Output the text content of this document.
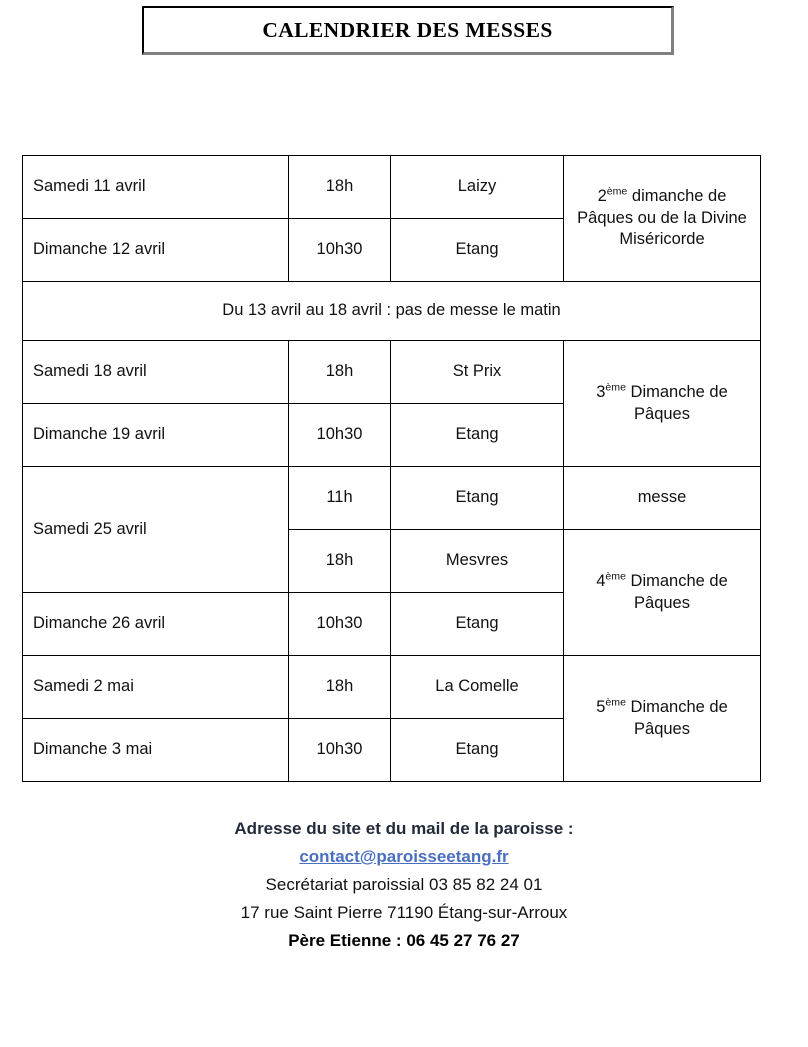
CALENDRIER DES MESSES
Samedi 11 avril	18h	Laizy	2ème dimanche de Pâques ou de la Divine Miséricorde
Dimanche 12 avril	10h30	Etang	
Du 13 avril au 18 avril : pas de messe le matin			
Samedi 18 avril	18h	St Prix	3ème Dimanche de Pâques
Dimanche 19 avril	10h30	Etang	
Samedi 25 avril	11h	Etang	messe
	18h	Mesvres	4ème Dimanche de Pâques
Dimanche 26 avril	10h30	Etang	
Samedi 2 mai	18h	La Comelle	5ème Dimanche de Pâques
Dimanche 3 mai	10h30	Etang	
Adresse du site et du mail de la paroisse :
contact@paroisseetang.fr
Secrétariat paroissial 03 85 82 24 01
17 rue Saint Pierre 71190 Étang-sur-Arroux
Père Etienne : 06 45 27 76 27
